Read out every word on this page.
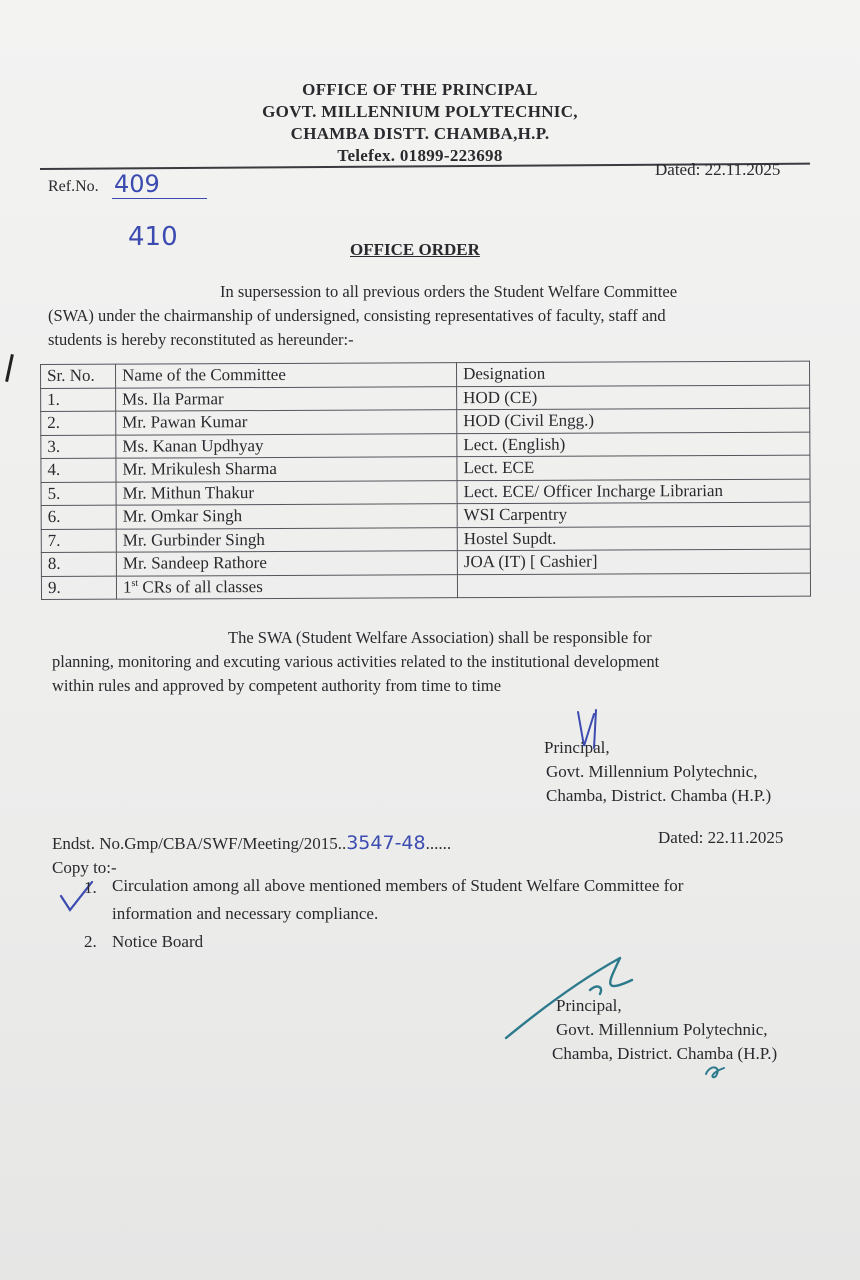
OFFICE OF THE PRINCIPAL
GOVT. MILLENNIUM POLYTECHNIC,
CHAMBA DISTT. CHAMBA,H.P.
Telefex. 01899-223698
Ref.No. 409
410
Dated: 22.11.2025
OFFICE ORDER
In supersession to all previous orders the Student Welfare Committee
(SWA) under the chairmanship of undersigned, consisting representatives of faculty, staff and
students is hereby reconstituted as hereunder:-
Sr. No.	Name of the Committee	Designation
1.	Ms. Ila Parmar	HOD (CE)
2.	Mr. Pawan Kumar	HOD (Civil Engg.)
3.	Ms. Kanan Updhyay	Lect. (English)
4.	Mr. Mrikulesh Sharma	Lect. ECE
5.	Mr. Mithun Thakur	Lect. ECE/ Officer Incharge Librarian
6.	Mr. Omkar Singh	WSI Carpentry
7.	Mr. Gurbinder Singh	Hostel Supdt.
8.	Mr. Sandeep Rathore	JOA (IT) [ Cashier]
9.	1st CRs of all classes	
The SWA (Student Welfare Association) shall be responsible for
planning, monitoring and excuting various activities related to the institutional development
within rules and approved by competent authority from time to time
Principal,
Govt. Millennium Polytechnic,
Chamba, District. Chamba (H.P.)
Endst. No.Gmp/CBA/SWF/Meeting/2015..3547-48......	Dated: 22.11.2025
Copy to:-
1. Circulation among all above mentioned members of Student Welfare Committee for
information and necessary compliance.
2. Notice Board
Principal,
Govt. Millennium Polytechnic,
Chamba, District. Chamba (H.P.)
